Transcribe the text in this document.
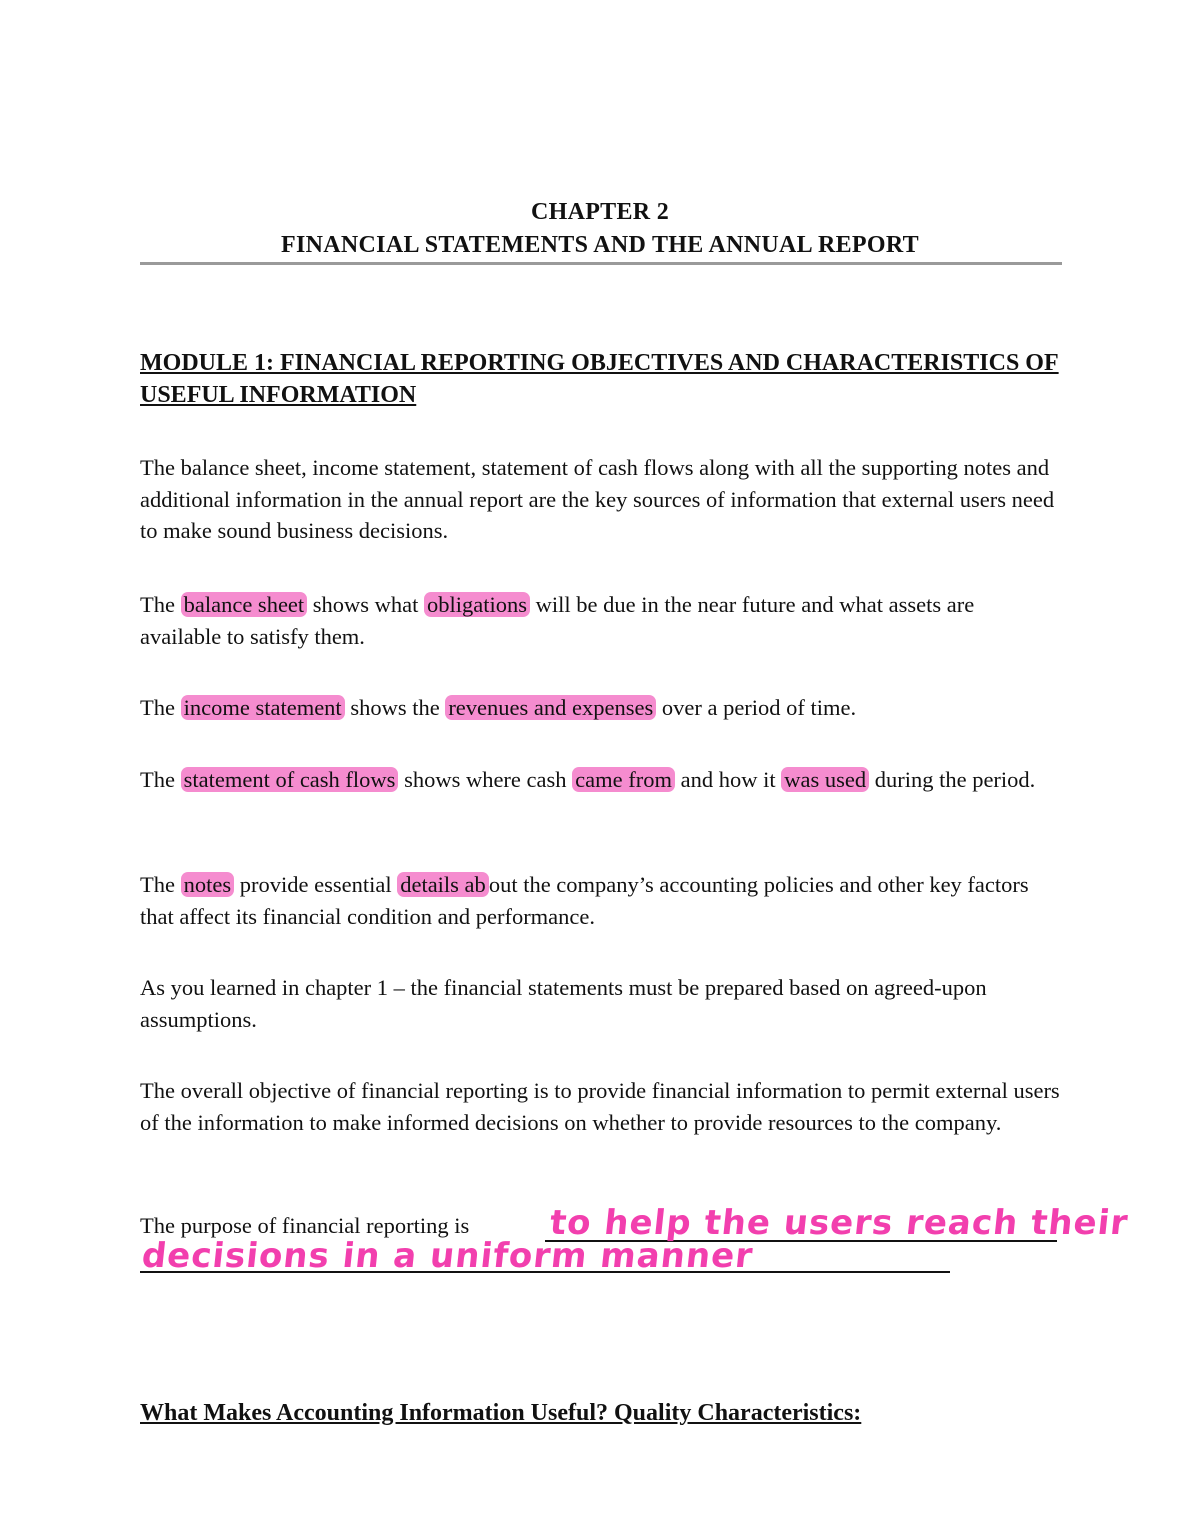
CHAPTER 2
FINANCIAL STATEMENTS AND THE ANNUAL REPORT
MODULE 1: FINANCIAL REPORTING OBJECTIVES AND CHARACTERISTICS OF USEFUL INFORMATION
The balance sheet, income statement, statement of cash flows along with all the supporting notes and additional information in the annual report are the key sources of information that external users need to make sound business decisions.
The balance sheet shows what obligations will be due in the near future and what assets are available to satisfy them.
The income statement shows the revenues and expenses over a period of time.
The statement of cash flows shows where cash came from and how it was used during the period.
The notes provide essential details ab out the company’s accounting policies and other key factors that affect its financial condition and performance.
As you learned in chapter 1 – the financial statements must be prepared based on agreed-upon assumptions.
The overall objective of financial reporting is to provide financial information to permit external users of the information to make informed decisions on whether to provide resources to the company.
The purpose of financial reporting is	to help the users reach their
decisions in a uniform manner
What Makes Accounting Information Useful? Quality Characteristics:
